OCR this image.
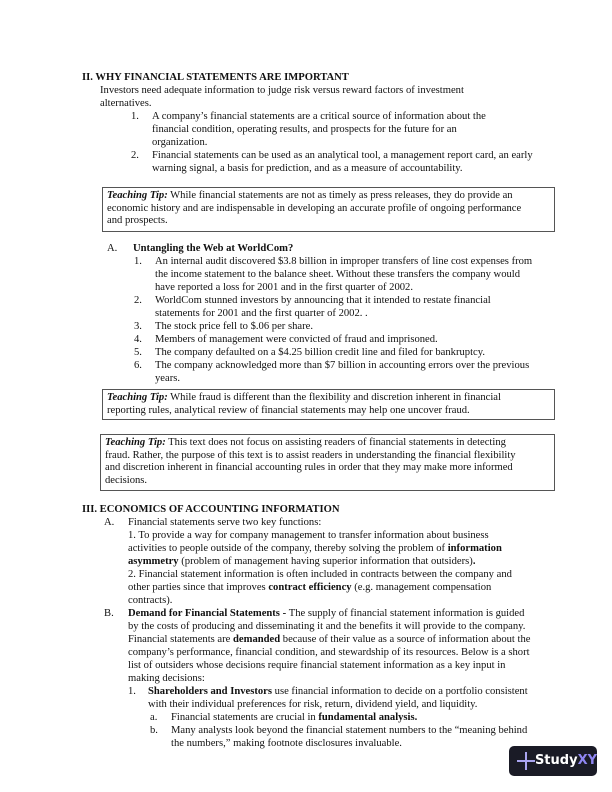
II. WHY FINANCIAL STATEMENTS ARE IMPORTANT
Investors need adequate information to judge risk versus reward factors of investment
alternatives.
1. A company’s financial statements are a critical source of information about the
financial condition, operating results, and prospects for the future for an
organization.
2. Financial statements can be used as an analytical tool, a management report card, an early
warning signal, a basis for prediction, and as a measure of accountability.
Teaching Tip: While financial statements are not as timely as press releases, they do provide an
economic history and are indispensable in developing an accurate profile of ongoing performance
and prospects.
A. Untangling the Web at WorldCom?
1. An internal audit discovered $3.8 billion in improper transfers of line cost expenses from
the income statement to the balance sheet. Without these transfers the company would
have reported a loss for 2001 and in the first quarter of 2002.
2. WorldCom stunned investors by announcing that it intended to restate financial
statements for 2001 and the first quarter of 2002. .
3. The stock price fell to $.06 per share.
4. Members of management were convicted of fraud and imprisoned.
5. The company defaulted on a $4.25 billion credit line and filed for bankruptcy.
6. The company acknowledged more than $7 billion in accounting errors over the previous
years.
Teaching Tip: While fraud is different than the flexibility and discretion inherent in financial
reporting rules, analytical review of financial statements may help one uncover fraud.
Teaching Tip: This text does not focus on assisting readers of financial statements in detecting
fraud. Rather, the purpose of this text is to assist readers in understanding the financial flexibility
and discretion inherent in financial accounting rules in order that they may make more informed
decisions.
III. ECONOMICS OF ACCOUNTING INFORMATION
A. Financial statements serve two key functions:
1. To provide a way for company management to transfer information about business
activities to people outside of the company, thereby solving the problem of information
asymmetry (problem of management having superior information that outsiders).
2. Financial statement information is often included in contracts between the company and
other parties since that improves contract efficiency (e.g. management compensation
contracts).
B. Demand for Financial Statements - The supply of financial statement information is guided
by the costs of producing and disseminating it and the benefits it will provide to the company.
Financial statements are demanded because of their value as a source of information about the
company’s performance, financial condition, and stewardship of its resources. Below is a short
list of outsiders whose decisions require financial statement information as a key input in
making decisions:
1. Shareholders and Investors use financial information to decide on a portfolio consistent
with their individual preferences for risk, return, dividend yield, and liquidity.
a. Financial statements are crucial in fundamental analysis.
b. Many analysts look beyond the financial statement numbers to the “meaning behind
the numbers,” making footnote disclosures invaluable.
StudyXY
